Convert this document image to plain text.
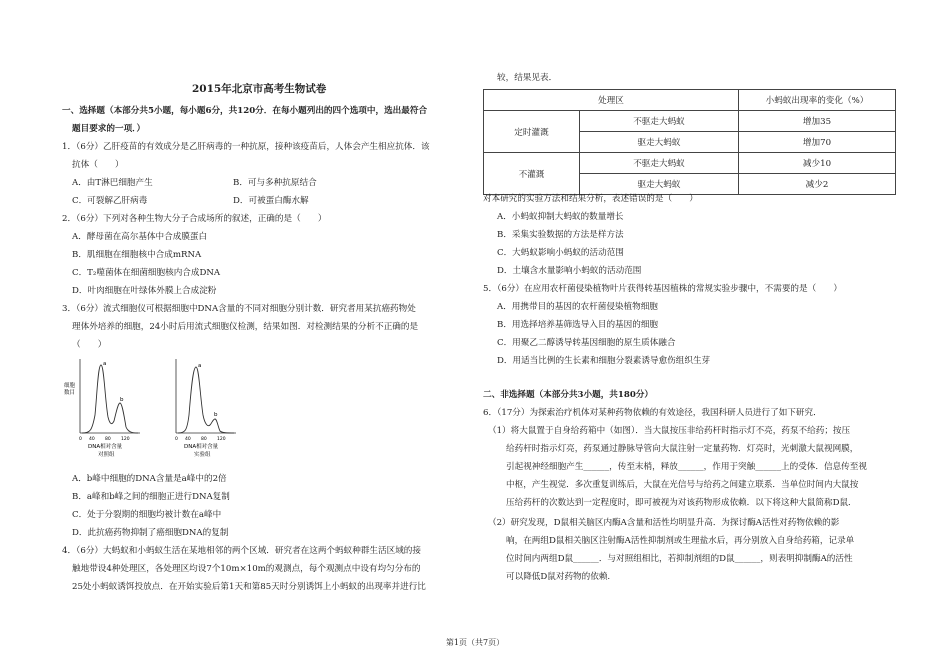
2015年北京市高考生物试卷
一、选择题（本部分共5小题，每小题6分，共120分．在每小题列出的四个选项中，选出最符合
题目要求的一项．）
1．（6分）乙肝疫苗的有效成分是乙肝病毒的一种抗原，接种该疫苗后，人体会产生相应抗体．该
抗体（　　）
A．由T淋巴细胞产生	B．可与多种抗原结合
C．可裂解乙肝病毒	D．可被蛋白酶水解
2．（6分）下列对各种生物大分子合成场所的叙述，正确的是（　　）
A．酵母菌在高尔基体中合成膜蛋白
B．肌细胞在细胞核中合成mRNA
C．T₂噬菌体在细菌细胞核内合成DNA
D．叶肉细胞在叶绿体外膜上合成淀粉
3．（6分）流式细胞仪可根据细胞中DNA含量的不同对细胞分别计数．研究者用某抗癌药物处
理体外培养的细胞，24小时后用流式细胞仪检测，结果如图．对检测结果的分析不正确的是
（　　）
细胞
数目
a
b
0 40 80 120
DNA相对含量
对照组
a
b
0 40 80 120
DNA相对含量
实验组
A．b峰中细胞的DNA含量是a峰中的2倍
B．a峰和b峰之间的细胞正进行DNA复制
C．处于分裂期的细胞均被计数在a峰中
D．此抗癌药物抑制了癌细胞DNA的复制
4．（6分）大蚂蚁和小蚂蚁生活在某地相邻的两个区域．研究者在这两个蚂蚁种群生活区域的接
触地带设4种处理区，各处理区均设7个10m×10m的观测点，每个观测点中设有均匀分布的
25处小蚂蚁诱饵投放点．在开始实验后第1天和第85天时分别诱饵上小蚂蚁的出现率并进行比
较，结果见表．
处理区		小蚂蚁出现率的变化（%）
定时灌溉	不驱走大蚂蚁	增加35
	驱走大蚂蚁	增加70
不灌溉	不驱走大蚂蚁	减少10
	驱走大蚂蚁	减少2
对本研究的实验方法和结果分析，表述错误的是（　　）
A．小蚂蚁抑制大蚂蚁的数量增长
B．采集实验数据的方法是样方法
C．大蚂蚁影响小蚂蚁的活动范围
D．土壤含水量影响小蚂蚁的活动范围
5．（6分）在应用农杆菌侵染植物叶片获得转基因植株的常规实验步骤中，不需要的是（　　）
A．用携带目的基因的农杆菌侵染植物细胞
B．用选择培养基筛选导入目的基因的细胞
C．用聚乙二醇诱导转基因细胞的原生质体融合
D．用适当比例的生长素和细胞分裂素诱导愈伤组织生芽
二、非选择题（本部分共3小题，共180分）
6．（17分）为探索治疗机体对某种药物依赖的有效途径，我国科研人员进行了如下研究．
（1）将大鼠置于自身给药箱中（如图）．当大鼠按压非给药杆时指示灯不亮，药泵不给药；按压
给药杆时指示灯亮，药泵通过静脉导管向大鼠注射一定量药物．灯亮时，光刺激大鼠视网膜，
引起视神经细胞产生______，传至末梢，释放______，作用于突触______上的受体．信息传至视
中枢，产生视觉．多次重复训练后，大鼠在光信号与给药之间建立联系．当单位时间内大鼠按
压给药杆的次数达到一定程度时，即可被视为对该药物形成依赖．以下将这种大鼠简称D鼠．
（2）研究发现，D鼠相关脑区内酶A含量和活性均明显升高．为探讨酶A活性对药物依赖的影
响，在两组D鼠相关脑区注射酶A活性抑制剂或生理盐水后，再分别放入自身给药箱，记录单
位时间内两组D鼠______．与对照组相比，若抑制剂组的D鼠______，则表明抑制酶A的活性
可以降低D鼠对药物的依赖.
第1页（共7页）
